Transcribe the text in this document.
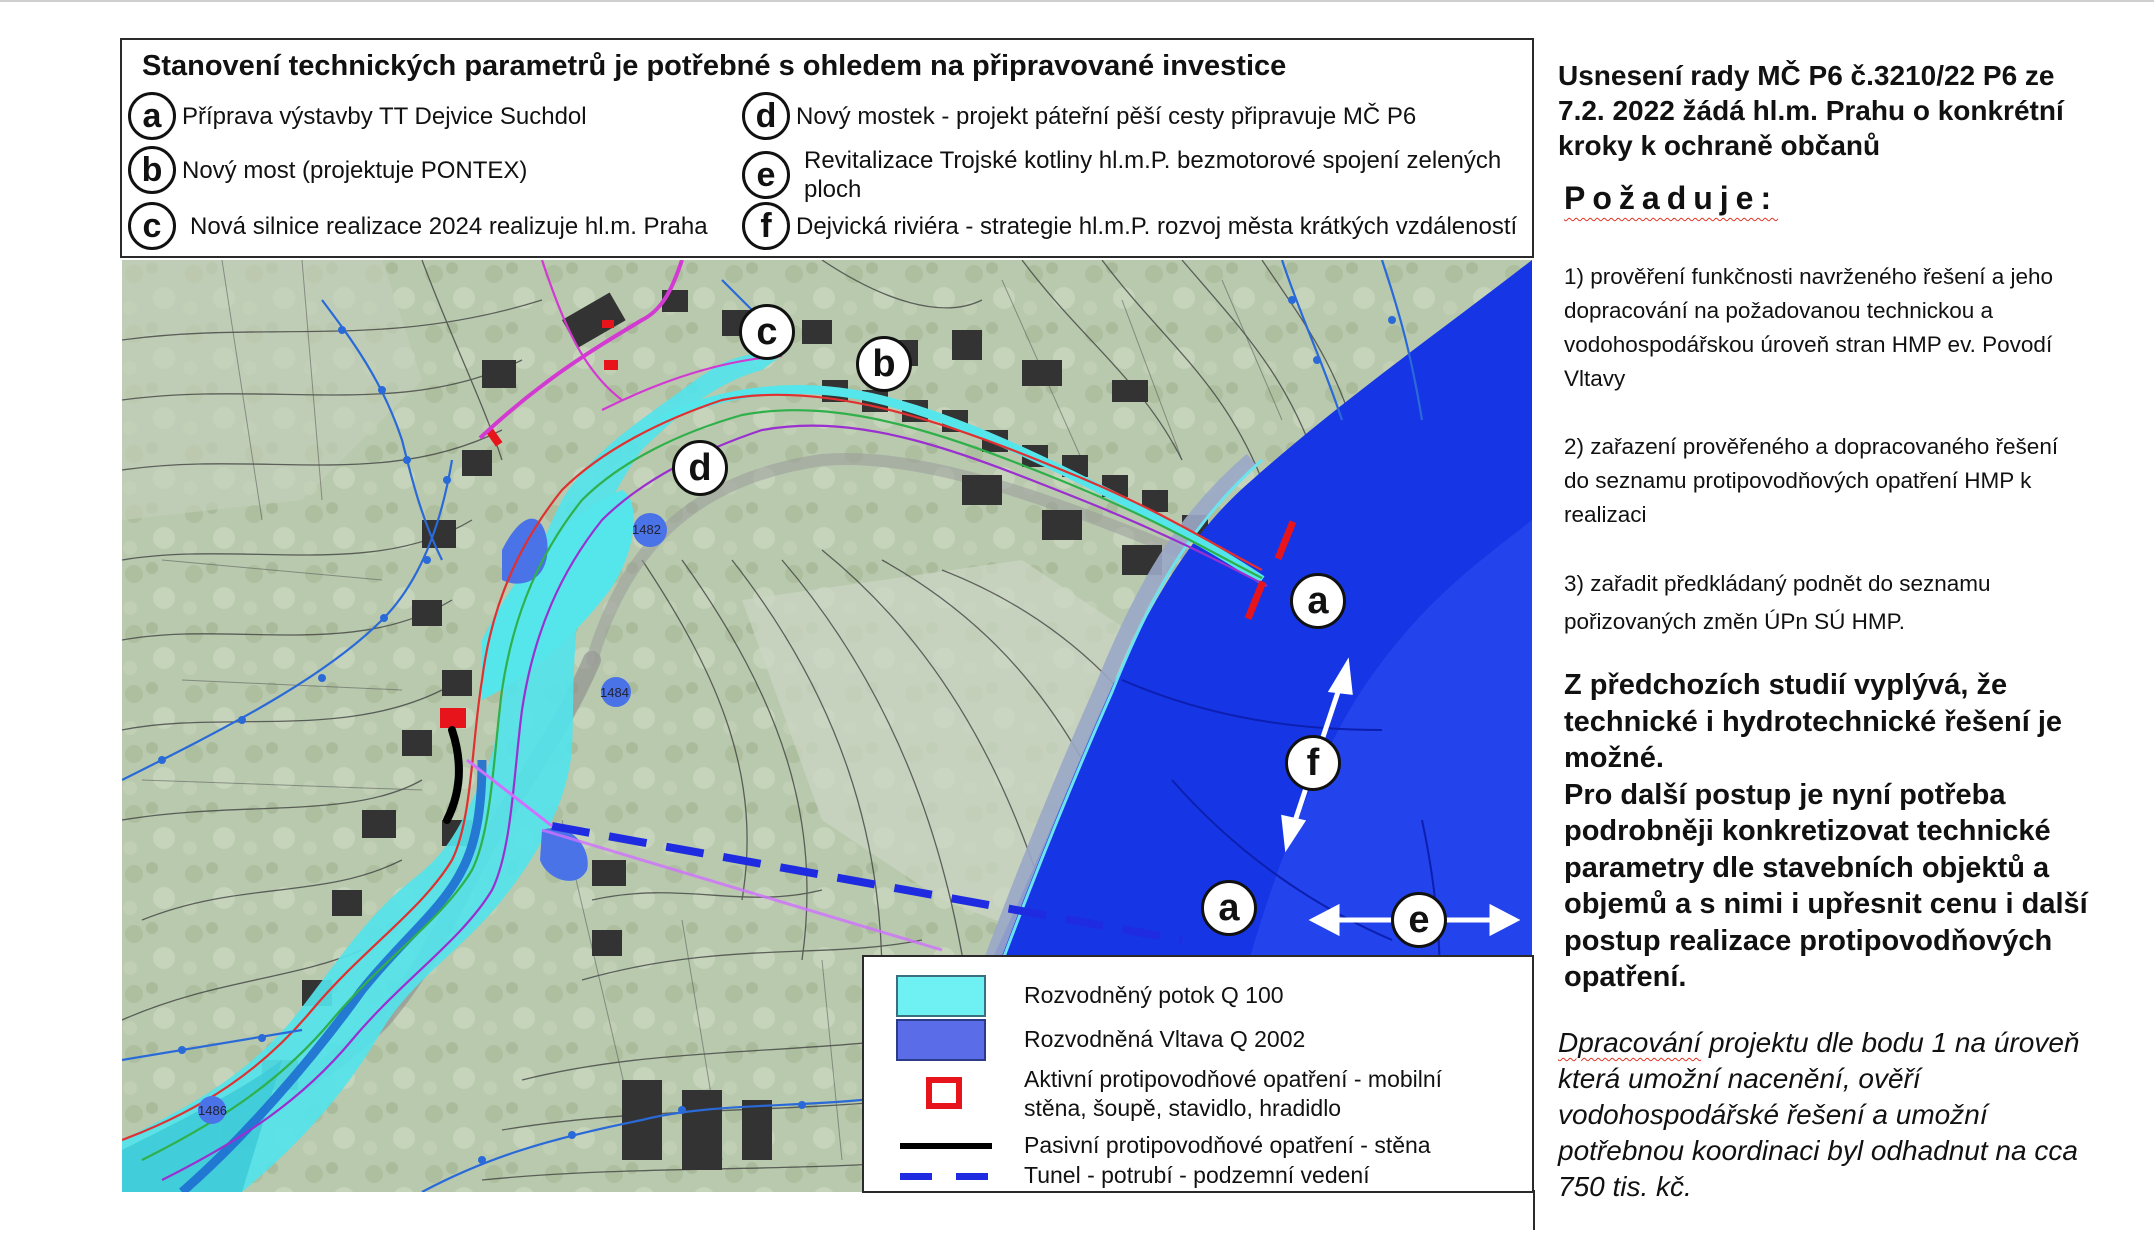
Stanovení technických parametrů je potřebné s ohledem na připravované investice
a Příprava výstavby TT Dejvice Suchdol
b Nový most (projektuje PONTEX)
c	Nová silnice realizace 2024 realizuje hl.m. Praha
d Nový mostek - projekt páteřní pěší cesty připravuje MČ P6
e	Revitalizace Trojské kotliny hl.m.P. bezmotorové spojení zelených
ploch
f	Dejvická riviéra - strategie hl.m.P. rozvoj města krátkých vzdáleností
1482
1484
1486
c
b
d
a
f
a	e
Rozvodněný potok Q 100
Rozvodněná Vltava Q 2002
Aktivní protipovodňové opatření - mobilní
stěna, šoupě, stavidlo, hradidlo
Pasivní protipovodňové opatření - stěna
Tunel - potrubí - podzemní vedení
Usnesení rady MČ P6 č.3210/22 P6 ze
7.2. 2022 žádá hl.m. Prahu o konkrétní
kroky k ochraně občanů
Požaduje:
1) prověření funkčnosti navrženého řešení a jeho
dopracování na požadovanou technickou a
vodohospodářskou úroveň stran HMP ev. Povodí
Vltavy
2) zařazení prověřeného a dopracovaného řešení
do seznamu protipovodňových opatření HMP k
realizaci
3) zařadit předkládaný podnět do seznamu
pořizovaných změn ÚPn SÚ HMP.
Z předchozích studií vyplývá, že
technické i hydrotechnické řešení je
možné.
Pro další postup je nyní potřeba
podrobněji konkretizovat technické
parametry dle stavebních objektů a
objemů a s nimi i upřesnit cenu i další
postup realizace protipovodňových
opatření.
Dpracování projektu dle bodu 1 na úroveň
která umožní nacenění, ověří
vodohospodářské řešení a umožní
potřebnou koordinaci byl odhadnut na cca
750 tis. kč.
